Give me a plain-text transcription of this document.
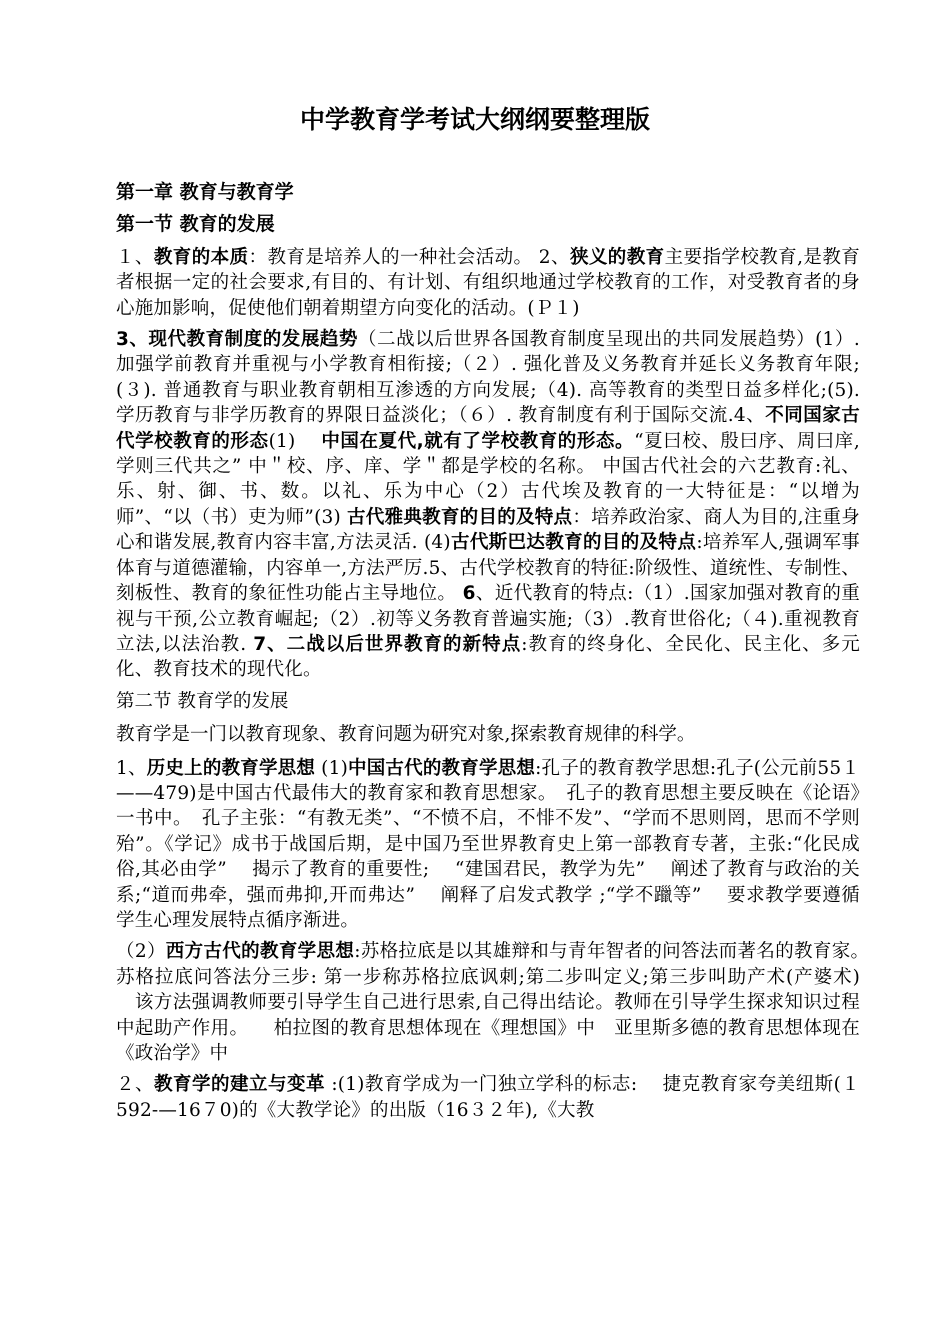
中学教育学考试大纲纲要整理版
第一章 教育与教育学
第一节 教育的发展
１、教育的本质：教育是培养人的一种社会活动。 2、狭义的教育主要指学校教育,是教育者根据一定的社会要求,有目的、有计划、有组织地通过学校教育的工作，对受教育者的身心施加影响，促使他们朝着期望方向变化的活动。(Ｐ１)
3、现代教育制度的发展趋势（二战以后世界各国教育制度呈现出的共同发展趋势）(1）.加强学前教育并重视与小学教育相衔接;（２）. 强化普及义务教育并延长义务教育年限;(３). 普通教育与职业教育朝相互渗透的方向发展;（4). 高等教育的类型日益多样化;(5). 学历教育与非学历教育的界限日益淡化；（６）. 教育制度有利于国际交流.4、不同国家古代学校教育的形态(1)　 中国在夏代,就有了学校教育的形态。“夏曰校、殷曰序、周曰庠,学则三代共之” 中＂校、序、庠、学＂都是学校的名称。 中国古代社会的六艺教育:礼、乐、射、御、书、数。以礼、乐为中心（2）古代埃及教育的一大特征是：“以增为师”、“以（书）吏为师”(3) 古代雅典教育的目的及特点：培养政治家、商人为目的,注重身心和谐发展,教育内容丰富,方法灵活. (4)古代斯巴达教育的目的及特点:培养军人,强调军事体育与道德灌输，内容单一,方法严厉.5、古代学校教育的特征:阶级性、道统性、专制性、刻板性、教育的象征性功能占主导地位。 6、近代教育的特点:（1）.国家加强对教育的重视与干预,公立教育崛起;（2）.初等义务教育普遍实施;（3）.教育世俗化;（４).重视教育立法,以法治教. 7、二战以后世界教育的新特点:教育的终身化、全民化、民主化、多元化、教育技术的现代化。
第二节 教育学的发展
教育学是一门以教育现象、教育问题为研究对象,探索教育规律的科学。
1、历史上的教育学思想 (1)中国古代的教育学思想:孔子的教育教学思想:孔子(公元前55１——479)是中国古代最伟大的教育家和教育思想家。　孔子的教育思想主要反映在《论语》一书中。　孔子主张：“有教无类”、“不愤不启，不悱不发”、“学而不思则罔，思而不学则殆”。《学记》成书于战国后期，是中国乃至世界教育史上第一部教育专著，主张:“化民成俗,其必由学” 　揭示了教育的重要性;　 “建国君民，教学为先” 　阐述了教育与政治的关系;“道而弗牵，强而弗抑,开而弗达” 　阐释了启发式教学 ;“学不躐等” 　要求教学要遵循学生心理发展特点循序渐进。
（2）西方古代的教育学思想:苏格拉底是以其雄辩和与青年智者的问答法而著名的教育家。　苏格拉底问答法分三步: 第一步称苏格拉底讽刺;第二步叫定义;第三步叫助产术(产婆术) 　该方法强调教师要引导学生自己进行思索,自己得出结论。教师在引导学生探求知识过程中起助产作用。 　柏拉图的教育思想体现在《理想国》中　亚里斯多德的教育思想体现在《政治学》中
２、教育学的建立与变革 :(1)教育学成为一门独立学科的标志: 　捷克教育家夸美纽斯(１592-—16７0)的《大教学论》的出版（16３２年),《大教
